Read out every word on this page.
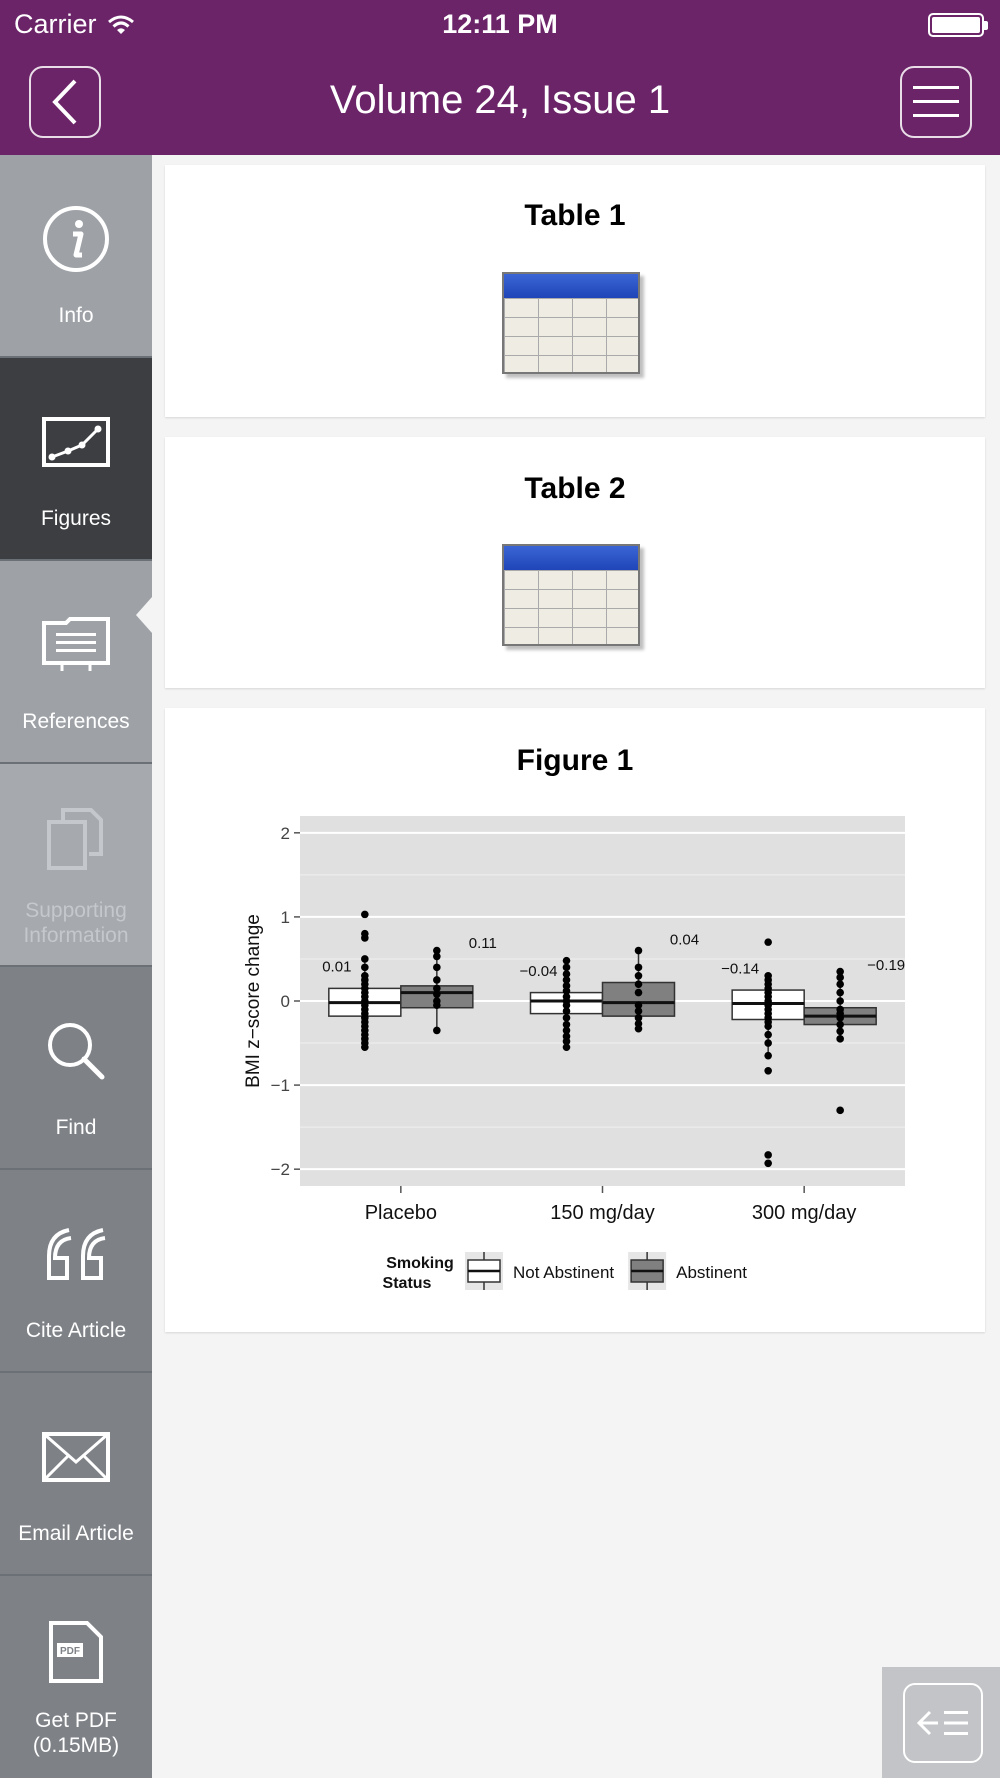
Carrier	12:11 PM
Volume 24, Issue 1
Info
Figures
References
Supporting Information
Find
Cite Article
Email Article
PDF
Get PDF (0.15MB)
Table 1
Table 2
Figure 1
2
1
0
−1
−2
BMI z−score change
Placebo
0.01
0.11
150 mg/day
−0.04
0.04
300 mg/day
−0.14	−0.19
Smoking
Status
Not Abstinent	Abstinent
